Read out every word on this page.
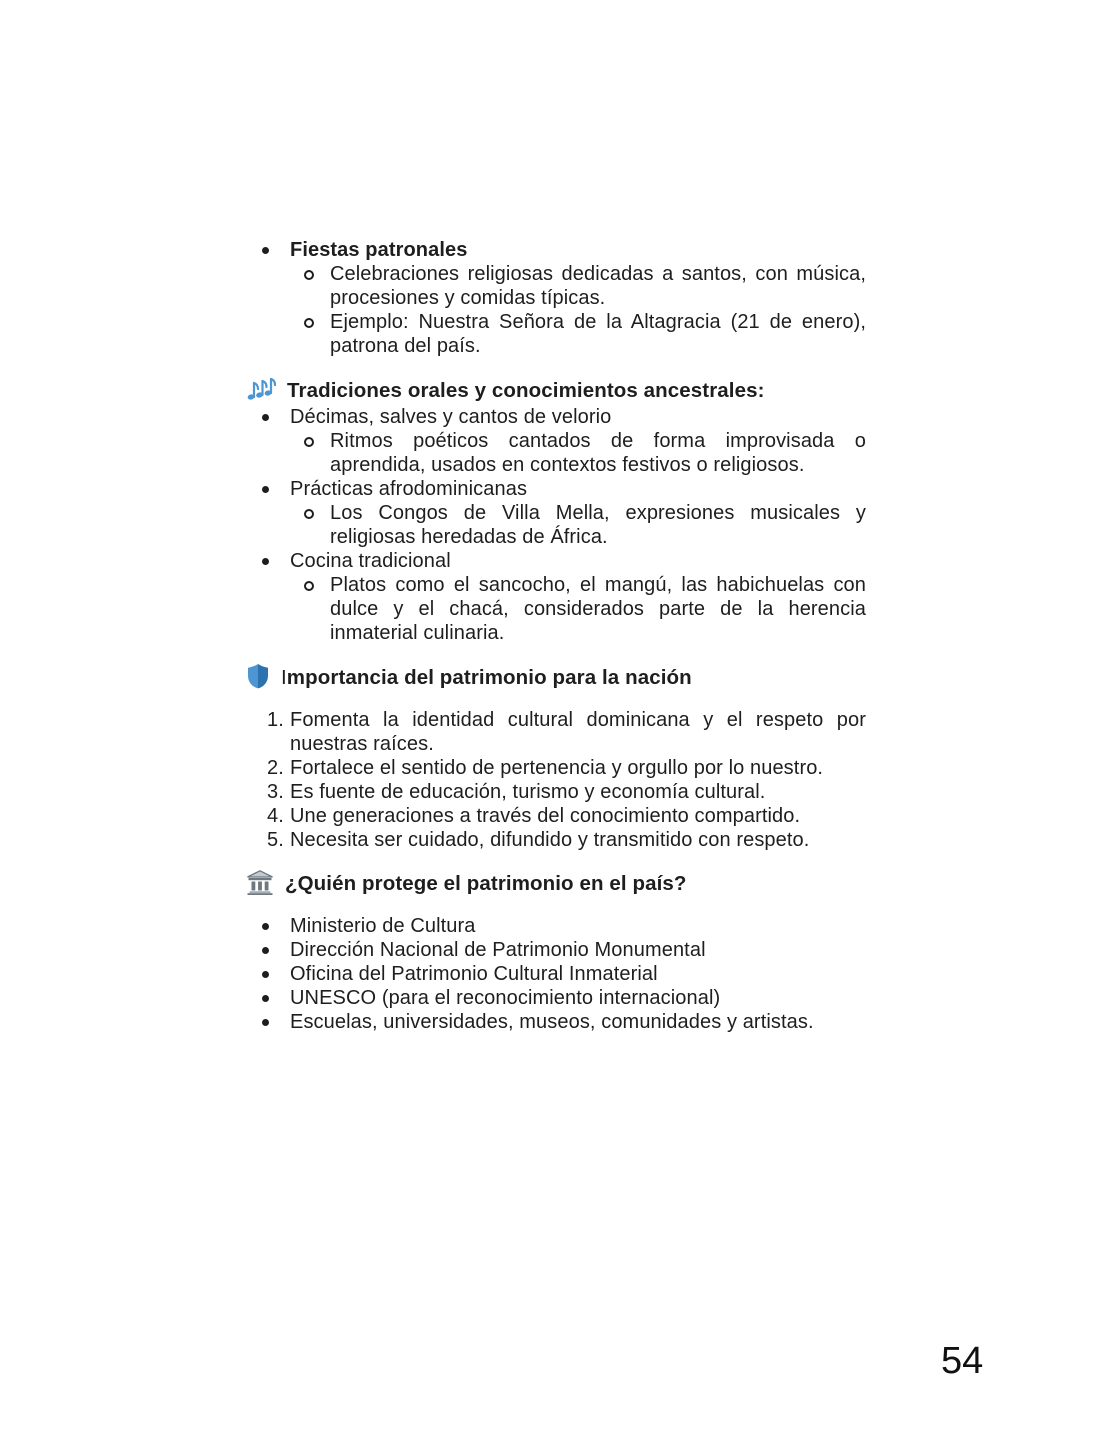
Fiestas patronales
Celebraciones religiosas dedicadas a santos, con música, procesiones y comidas típicas.
Ejemplo: Nuestra Señora de la Altagracia (21 de enero), patrona del país.
Tradiciones orales y conocimientos ancestrales:
Décimas, salves y cantos de velorio
Ritmos poéticos cantados de forma improvisada o aprendida, usados en contextos festivos o religiosos.
Prácticas afrodominicanas
Los Congos de Villa Mella, expresiones musicales y religiosas heredadas de África.
Cocina tradicional
Platos como el sancocho, el mangú, las habichuelas con dulce y el chacá, considerados parte de la herencia inmaterial culinaria.
Importancia del patrimonio para la nación
Fomenta la identidad cultural dominicana y el respeto por nuestras raíces.
Fortalece el sentido de pertenencia y orgullo por lo nuestro.
Es fuente de educación, turismo y economía cultural.
Une generaciones a través del conocimiento compartido.
Necesita ser cuidado, difundido y transmitido con respeto.
¿Quién protege el patrimonio en el país?
Ministerio de Cultura
Dirección Nacional de Patrimonio Monumental
Oficina del Patrimonio Cultural Inmaterial
UNESCO (para el reconocimiento internacional)
Escuelas, universidades, museos, comunidades y artistas.
54
